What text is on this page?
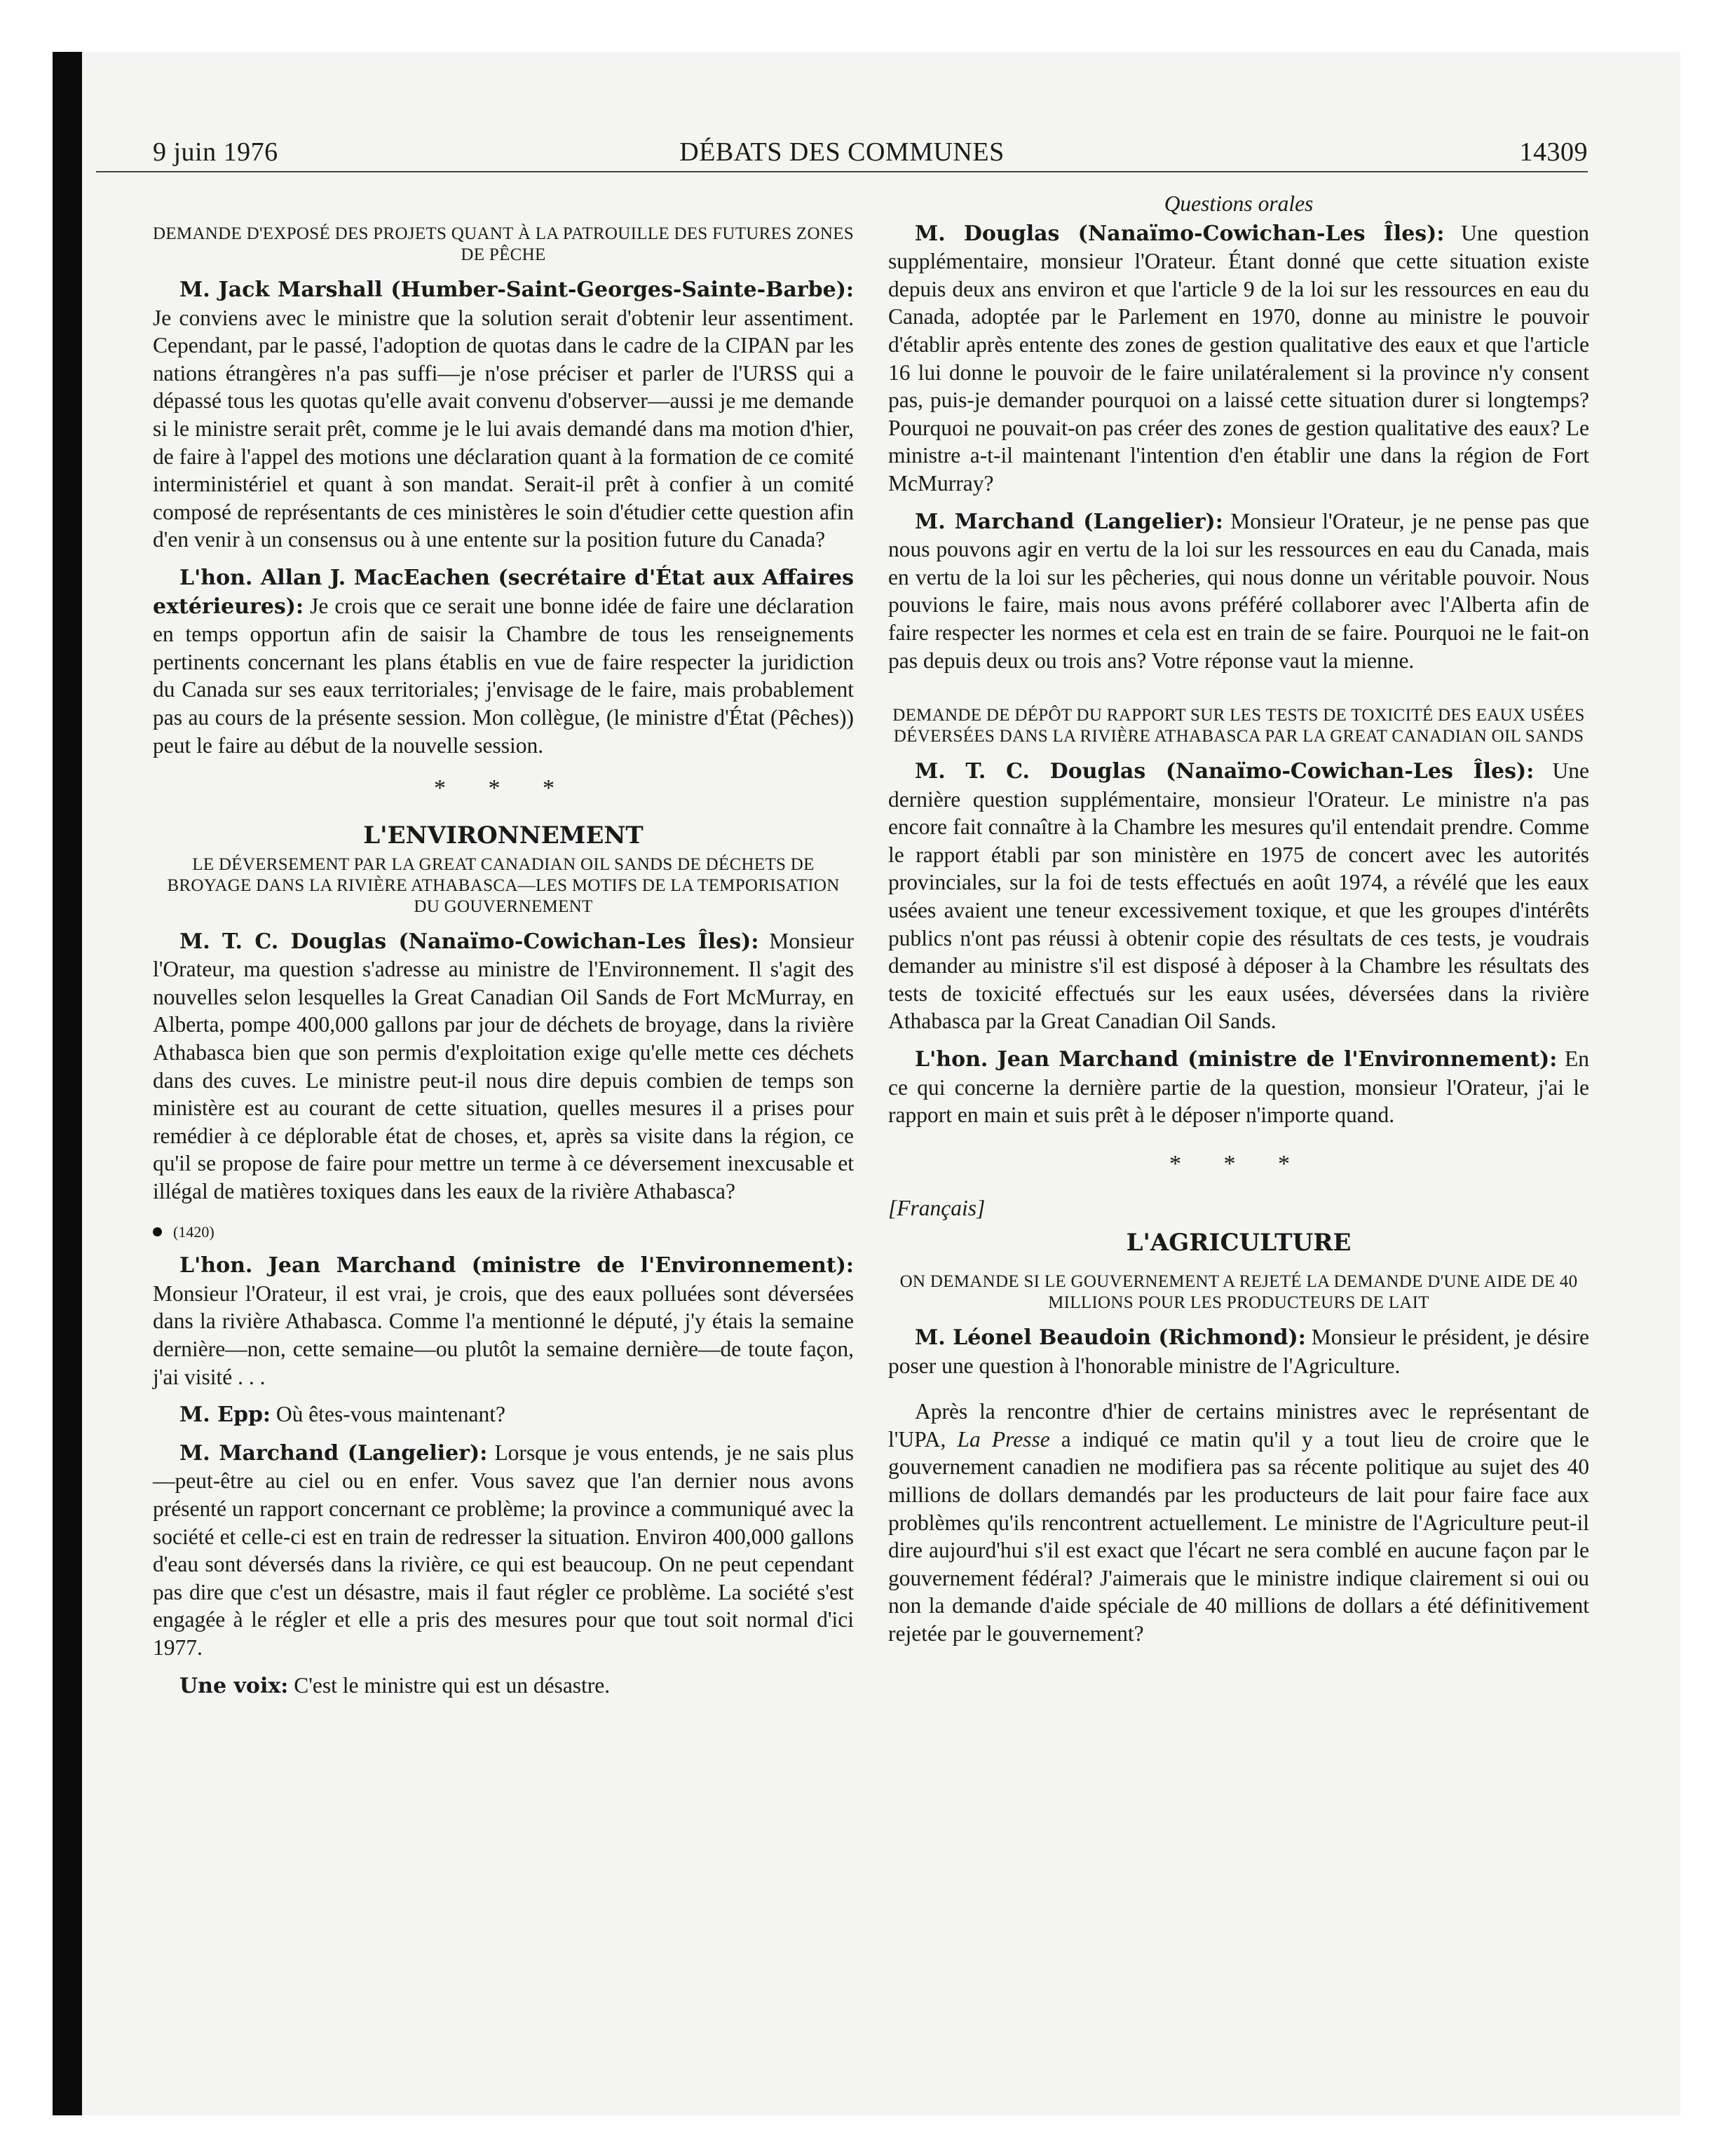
9 juin 1976	DÉBATS DES COMMUNES	14309
DEMANDE D'EXPOSÉ DES PROJETS QUANT À LA PATROUILLE DES FUTURES ZONES DE PÊCHE

M. Jack Marshall (Humber-Saint-Georges-Sainte-Barbe): Je conviens avec le ministre que la solution serait d'obtenir leur assentiment. Cependant, par le passé, l'adoption de quotas dans le cadre de la CIPAN par les nations étrangères n'a pas suffi—je n'ose préciser et parler de l'URSS qui a dépassé tous les quotas qu'elle avait convenu d'observer—aussi je me demande si le ministre serait prêt, comme je le lui avais demandé dans ma motion d'hier, de faire à l'appel des motions une déclaration quant à la formation de ce comité interministériel et quant à son mandat. Serait-il prêt à confier à un comité composé de représentants de ces ministères le soin d'étudier cette question afin d'en venir à un consensus ou à une entente sur la position future du Canada?

L'hon. Allan J. MacEachen (secrétaire d'État aux Affaires extérieures): Je crois que ce serait une bonne idée de faire une déclaration en temps opportun afin de saisir la Chambre de tous les renseignements pertinents concernant les plans établis en vue de faire respecter la juridiction du Canada sur ses eaux territoriales; j'envisage de le faire, mais probablement pas au cours de la présente session. Mon collègue, (le ministre d'État (Pêches)) peut le faire au début de la nouvelle session.

* * *
L'ENVIRONNEMENT
LE DÉVERSEMENT PAR LA GREAT CANADIAN OIL SANDS DE DÉCHETS DE BROYAGE DANS LA RIVIÈRE ATHABASCA—LES MOTIFS DE LA TEMPORISATION DU GOUVERNEMENT

M. T. C. Douglas (Nanaïmo-Cowichan-Les Îles): Monsieur l'Orateur, ma question s'adresse au ministre de l'Environnement. Il s'agit des nouvelles selon lesquelles la Great Canadian Oil Sands de Fort McMurray, en Alberta, pompe 400,000 gallons par jour de déchets de broyage, dans la rivière Athabasca bien que son permis d'exploitation exige qu'elle mette ces déchets dans des cuves. Le ministre peut-il nous dire depuis combien de temps son ministère est au courant de cette situation, quelles mesures il a prises pour remédier à ce déplorable état de choses, et, après sa visite dans la région, ce qu'il se propose de faire pour mettre un terme à ce déversement inexcusable et illégal de matières toxiques dans les eaux de la rivière Athabasca?

(1420)

L'hon. Jean Marchand (ministre de l'Environnement): Monsieur l'Orateur, il est vrai, je crois, que des eaux polluées sont déversées dans la rivière Athabasca. Comme l'a mentionné le député, j'y étais la semaine dernière—non, cette semaine—ou plutôt la semaine dernière—de toute façon, j'ai visité . . .

M. Epp: Où êtes-vous maintenant?

M. Marchand (Langelier): Lorsque je vous entends, je ne sais plus—peut-être au ciel ou en enfer. Vous savez que l'an dernier nous avons présenté un rapport concernant ce problème; la province a communiqué avec la société et celle-ci est en train de redresser la situation. Environ 400,000 gallons d'eau sont déversés dans la rivière, ce qui est beaucoup. On ne peut cependant pas dire que c'est un désastre, mais il faut régler ce problème. La société s'est engagée à le régler et elle a pris des mesures pour que tout soit normal d'ici 1977.

Une voix: C'est le ministre qui est un désastre.

Questions orales

M. Douglas (Nanaïmo-Cowichan-Les Îles): Une question supplémentaire, monsieur l'Orateur. Étant donné que cette situation existe depuis deux ans environ et que l'article 9 de la loi sur les ressources en eau du Canada, adoptée par le Parlement en 1970, donne au ministre le pouvoir d'établir après entente des zones de gestion qualitative des eaux et que l'article 16 lui donne le pouvoir de le faire unilatéralement si la province n'y consent pas, puis-je demander pourquoi on a laissé cette situation durer si longtemps? Pourquoi ne pouvait-on pas créer des zones de gestion qualitative des eaux? Le ministre a-t-il maintenant l'intention d'en établir une dans la région de Fort McMurray?

M. Marchand (Langelier): Monsieur l'Orateur, je ne pense pas que nous pouvons agir en vertu de la loi sur les ressources en eau du Canada, mais en vertu de la loi sur les pêcheries, qui nous donne un véritable pouvoir. Nous pouvions le faire, mais nous avons préféré collaborer avec l'Alberta afin de faire respecter les normes et cela est en train de se faire. Pourquoi ne le fait-on pas depuis deux ou trois ans? Votre réponse vaut la mienne.

DEMANDE DE DÉPÔT DU RAPPORT SUR LES TESTS DE TOXICITÉ DES EAUX USÉES DÉVERSÉES DANS LA RIVIÈRE ATHABASCA PAR LA GREAT CANADIAN OIL SANDS

M. T. C. Douglas (Nanaïmo-Cowichan-Les Îles): Une dernière question supplémentaire, monsieur l'Orateur. Le ministre n'a pas encore fait connaître à la Chambre les mesures qu'il entendait prendre. Comme le rapport établi par son ministère en 1975 de concert avec les autorités provinciales, sur la foi de tests effectués en août 1974, a révélé que les eaux usées avaient une teneur excessivement toxique, et que les groupes d'intérêts publics n'ont pas réussi à obtenir copie des résultats de ces tests, je voudrais demander au ministre s'il est disposé à déposer à la Chambre les résultats des tests de toxicité effectués sur les eaux usées, déversées dans la rivière Athabasca par la Great Canadian Oil Sands.

L'hon. Jean Marchand (ministre de l'Environnement): En ce qui concerne la dernière partie de la question, monsieur l'Orateur, j'ai le rapport en main et suis prêt à le déposer n'importe quand.

* * *
[Français]
L'AGRICULTURE
ON DEMANDE SI LE GOUVERNEMENT A REJETÉ LA DEMANDE D'UNE AIDE DE 40 MILLIONS POUR LES PRODUCTEURS DE LAIT

M. Léonel Beaudoin (Richmond): Monsieur le président, je désire poser une question à l'honorable ministre de l'Agriculture.

Après la rencontre d'hier de certains ministres avec le représentant de l'UPA, La Presse a indiqué ce matin qu'il y a tout lieu de croire que le gouvernement canadien ne modifiera pas sa récente politique au sujet des 40 millions de dollars demandés par les producteurs de lait pour faire face aux problèmes qu'ils rencontrent actuellement. Le ministre de l'Agriculture peut-il dire aujourd'hui s'il est exact que l'écart ne sera comblé en aucune façon par le gouvernement fédéral? J'aimerais que le ministre indique clairement si oui ou non la demande d'aide spéciale de 40 millions de dollars a été définitivement rejetée par le gouvernement?
